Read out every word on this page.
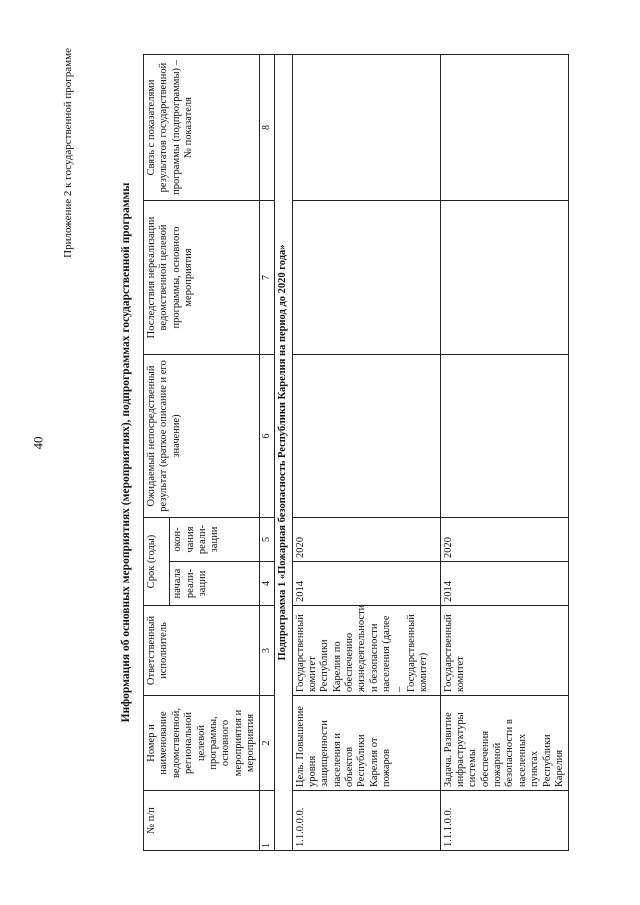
40
Приложение 2 к государственной программе
Информация об основных мероприятиях (мероприятиях), подпрограммах государственной программы
№ п/п	Номер и наименование ведомственной, региональной целевой программы, основного мероприятия и мероприятия	Ответственный исполнитель	Срок (годы)		Ожидаемый непосредственный результат (краткое описание и его значение)	Последствия нереализации ведомственной целевой программы, основного мероприятия	Связь с показателями результатов государственной программы (подпрограммы) – № показателя
			начала реали-зации	окон-чания реали-зации			
1	2	3	4	5	6	7	8
Подпрограмма 1 «Пожарная безопасность Республики Карелия на период до 2020 года»							
1.1.0.0.0.	Цель. Повышение уровня защищенности населения и объектов Республики Карелия от пожаров	Государственный комитет Республики Карелия по обеспечению жизнедеятельности и безопасности населения (далее – Государственный комитет)	2014	2020			
1.1.1.0.0.	Задача. Развитие инфраструктуры системы обеспечения пожарной безопасности в населенных пунктах Республики Карелия	Государственный комитет	2014	2020			
